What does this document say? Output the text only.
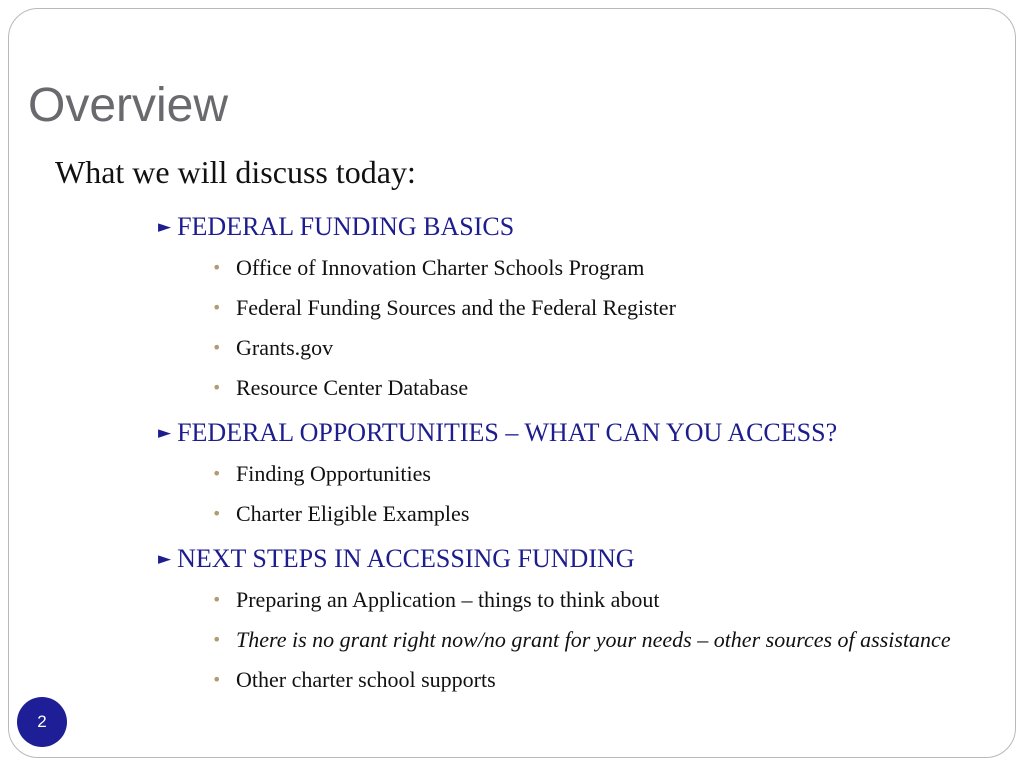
Overview
What we will discuss today:
► FEDERAL FUNDING BASICS
• Office of Innovation Charter Schools Program
• Federal Funding Sources and the Federal Register
• Grants.gov
• Resource Center Database
► FEDERAL OPPORTUNITIES – WHAT CAN YOU ACCESS?
• Finding Opportunities
• Charter Eligible Examples
► NEXT STEPS IN ACCESSING FUNDING
• Preparing an Application – things to think about
• There is no grant right now/no grant for your needs – other sources of assistance
• Other charter school supports
2
